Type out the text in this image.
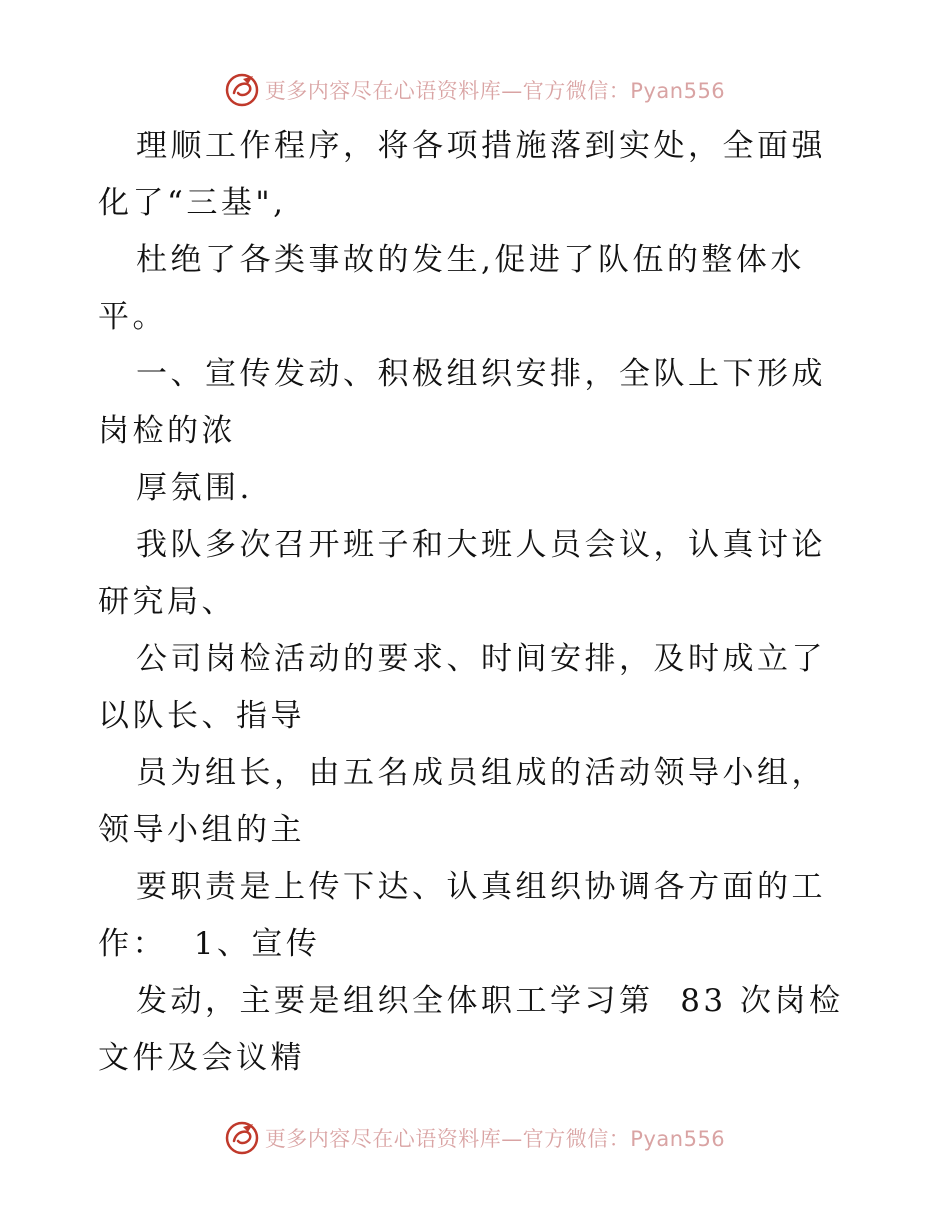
更多内容尽在心语资料库—官方微信：Pyan556

理顺工作程序，将各项措施落到实处，全面强化了“三基",

杜绝了各类事故的发生,促进了队伍的整体水平。

一、宣传发动、积极组织安排，全队上下形成岗检的浓

厚氛围.

我队多次召开班子和大班人员会议，认真讨论研究局、

公司岗检活动的要求、时间安排，及时成立了以队长、指导

员为组长，由五名成员组成的活动领导小组，领导小组的主

要职责是上传下达、认真组织协调各方面的工作：  1、宣传

发动，主要是组织全体职工学习第  83 次岗检文件及会议精

更多内容尽在心语资料库—官方微信：Pyan556
